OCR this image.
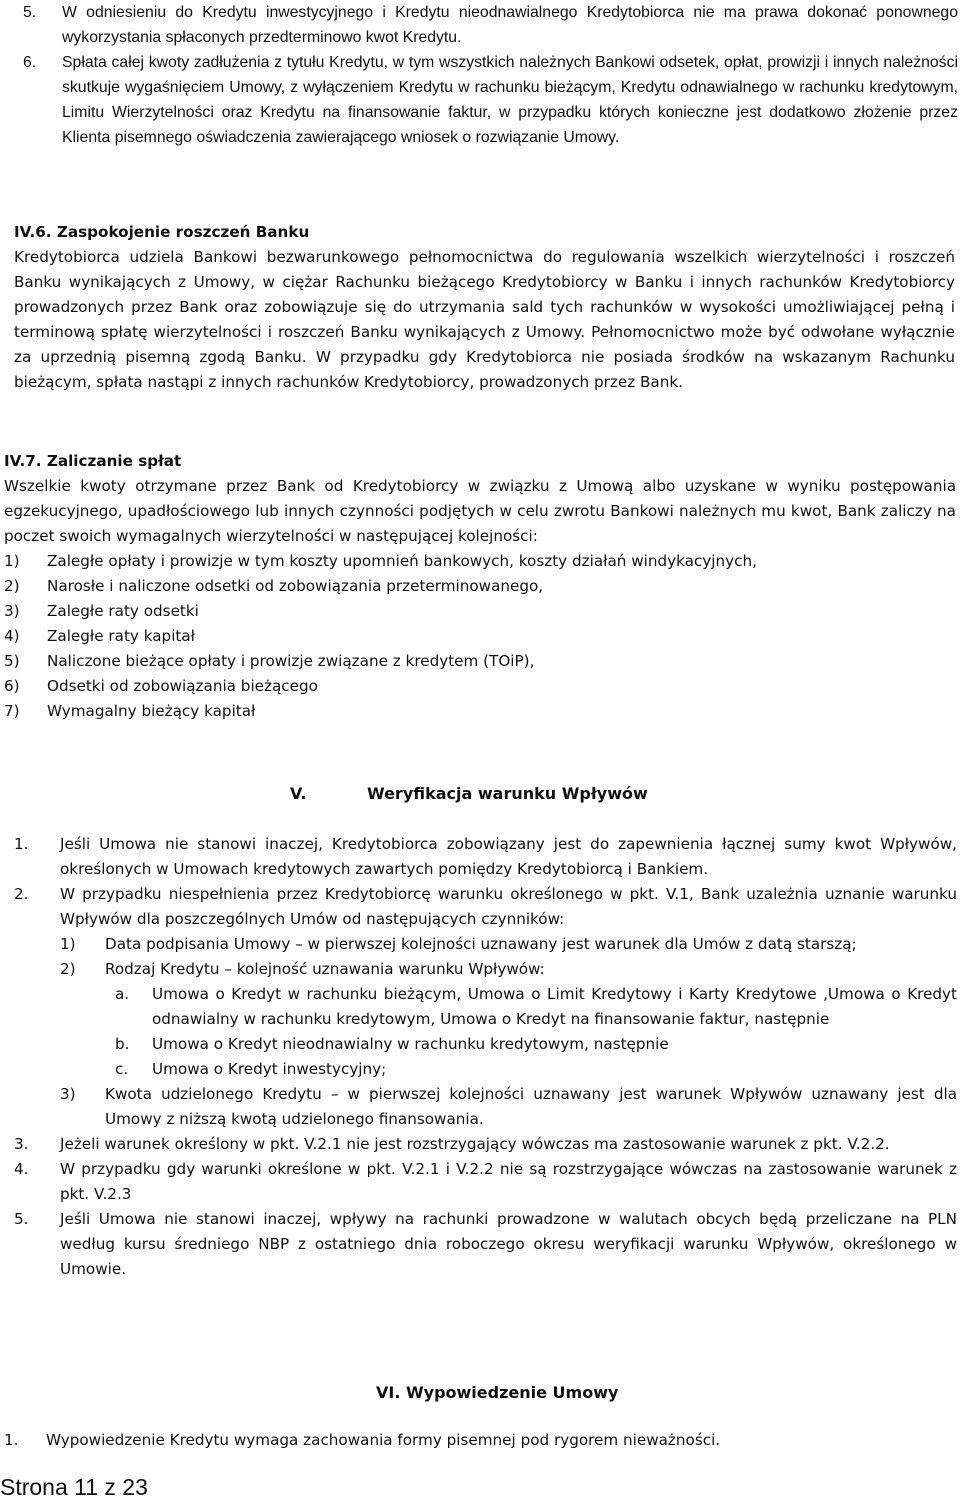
5. W odniesieniu do Kredytu inwestycyjnego i Kredytu nieodnawialnego Kredytobiorca nie ma prawa dokonać ponownego wykorzystania spłaconych przedterminowo kwot Kredytu.
6. Spłata całej kwoty zadłużenia z tytułu Kredytu, w tym wszystkich należnych Bankowi odsetek, opłat, prowizji i innych należności skutkuje wygaśnięciem Umowy, z wyłączeniem Kredytu w rachunku bieżącym, Kredytu odnawialnego w rachunku kredytowym, Limitu Wierzytelności oraz Kredytu na finansowanie faktur, w przypadku których konieczne jest dodatkowo złożenie przez Klienta pisemnego oświadczenia zawierającego wniosek o rozwiązanie Umowy.
IV.6. Zaspokojenie roszczeń Banku
Kredytobiorca udziela Bankowi bezwarunkowego pełnomocnictwa do regulowania wszelkich wierzytelności i roszczeń Banku wynikających z Umowy, w ciężar Rachunku bieżącego Kredytobiorcy w Banku i innych rachunków Kredytobiorcy prowadzonych przez Bank oraz zobowiązuje się do utrzymania sald tych rachunków w wysokości umożliwiającej pełną i terminową spłatę wierzytelności i roszczeń Banku wynikających z Umowy. Pełnomocnictwo może być odwołane wyłącznie za uprzednią pisemną zgodą Banku. W przypadku gdy Kredytobiorca nie posiada środków na wskazanym Rachunku bieżącym, spłata nastąpi z innych rachunków Kredytobiorcy, prowadzonych przez Bank.
IV.7. Zaliczanie spłat
Wszelkie kwoty otrzymane przez Bank od Kredytobiorcy w związku z Umową albo uzyskane w wyniku postępowania egzekucyjnego, upadłościowego lub innych czynności podjętych w celu zwrotu Bankowi należnych mu kwot, Bank zaliczy na poczet swoich wymagalnych wierzytelności w następującej kolejności:
1) Zaległe opłaty i prowizje w tym koszty upomnień bankowych, koszty działań windykacyjnych,
2) Narosłe i naliczone odsetki od zobowiązania przeterminowanego,
3) Zaległe raty odsetki
4) Zaległe raty kapitał
5) Naliczone bieżące opłaty i prowizje związane z kredytem (TOiP),
6) Odsetki od zobowiązania bieżącego
7) Wymagalny bieżący kapitał
V.	Weryfikacja warunku Wpływów
1. Jeśli Umowa nie stanowi inaczej, Kredytobiorca zobowiązany jest do zapewnienia łącznej sumy kwot Wpływów, określonych w Umowach kredytowych zawartych pomiędzy Kredytobiorcą i Bankiem.
2. W przypadku niespełnienia przez Kredytobiorcę warunku określonego w pkt. V.1, Bank uzależnia uznanie warunku Wpływów dla poszczególnych Umów od następujących czynników:
1) Data podpisania Umowy – w pierwszej kolejności uznawany jest warunek dla Umów z datą starszą;
2) Rodzaj Kredytu – kolejność uznawania warunku Wpływów:
a. Umowa o Kredyt w rachunku bieżącym, Umowa o Limit Kredytowy i Karty Kredytowe ,Umowa o Kredyt odnawialny w rachunku kredytowym, Umowa o Kredyt na finansowanie faktur, następnie
b. Umowa o Kredyt nieodnawialny w rachunku kredytowym, następnie
c. Umowa o Kredyt inwestycyjny;
3) Kwota udzielonego Kredytu – w pierwszej kolejności uznawany jest warunek Wpływów uznawany jest dla Umowy z niższą kwotą udzielonego finansowania.
3. Jeżeli warunek określony w pkt. V.2.1 nie jest rozstrzygający wówczas ma zastosowanie warunek z pkt. V.2.2.
4. W przypadku gdy warunki określone w pkt. V.2.1 i V.2.2 nie są rozstrzygające wówczas na zastosowanie warunek z pkt. V.2.3
5. Jeśli Umowa nie stanowi inaczej, wpływy na rachunki prowadzone w walutach obcych będą przeliczane na PLN według kursu średniego NBP z ostatniego dnia roboczego okresu weryfikacji warunku Wpływów, określonego w Umowie.
VI. Wypowiedzenie Umowy
1. Wypowiedzenie Kredytu wymaga zachowania formy pisemnej pod rygorem nieważności.
Strona 11 z 23
